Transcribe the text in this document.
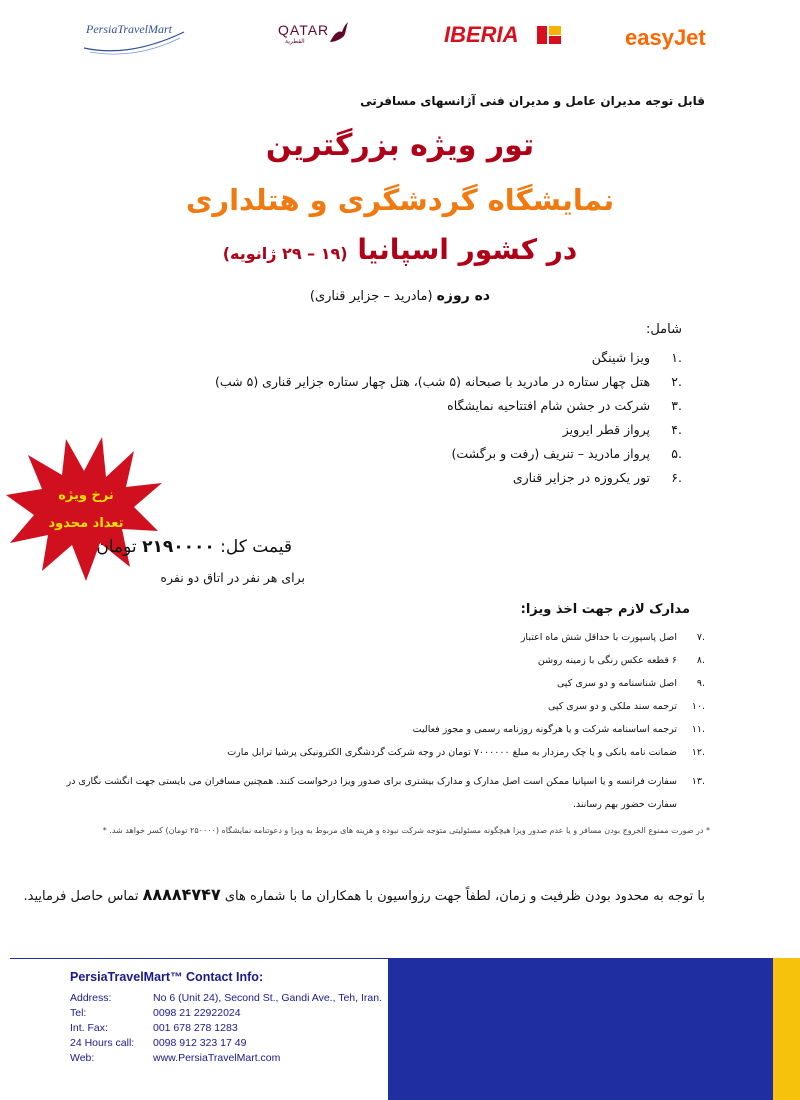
PersiaTravelMart	QATAR
القطرية	IBERIA	easyJet
قابل توجه مدیران عامل و مدیران فنی آژانسهای مسافرتی
تور ویژه بزرگترین
نمایشگاه گردشگری و هتلداری
در کشور اسپانیا (۱۹ – ۲۹ ژانویه)
ده روزه (مادرید – جزایر قناری)
شامل:
.۱

ویزا شینگن
.۲

هتل چهار ستاره در مادرید با صبحانه (۵ شب)، هتل چهار ستاره جزایر قناری (۵ شب)
.۳

شرکت در جشن شام افتتاحیه نمایشگاه
.۴

پرواز قطر ایرویز
.۵

پرواز مادرید – تنریف (رفت و برگشت)
.۶

تور یکروزه در جزایر قناری
نرخ ویژه
تعداد محدود
قیمت کل: ۲۱۹۰۰۰۰ تومان
برای هر نفر در اتاق دو نفره
مدارک لازم جهت اخذ ویزا:
.۷
اصل پاسپورت با حداقل شش ماه اعتبار
.۸
۶ قطعه عکس رنگی با زمینه روشن
.۹
اصل شناسنامه و دو سری کپی
.۱۰
ترجمه سند ملکی و دو سری کپی
.۱۱
ترجمه اساسنامه شرکت و یا هرگونه روزنامه رسمی و مجوز فعالیت
.۱۲
ضمانت نامه بانکی و یا چک رمزدار به مبلغ ۷۰۰۰۰۰۰ تومان در وجه شرکت گردشگری الکترونیکی پرشیا ترابل مارت
.۱۳
سفارت فرانسه و یا اسپانیا ممکن است اصل مدارک و مدارک بیشتری برای صدور ویزا درخواست کنند. همچنین مسافران می بایستی جهت انگشت نگاری در سفارت حضور بهم رسانند.
* در صورت ممنوع الخروج بودن مسافر و یا عدم صدور ویزا هیچگونه مسئولیتی متوجه شرکت نبوده و هزینه های مربوط به ویزا و دعوتنامه نمایشگاه (۲۵۰۰۰۰ تومان) کسر خواهد شد. *
با توجه به محدود بودن ظرفیت و زمان، لطفاً جهت رزواسیون با همکاران ما با شماره های ۸۸۸۸۴۷۴۷ تماس حاصل فرمایید.
PersiaTravelMart™ Contact Info:
Address:	No 6 (Unit 24), Second St., Gandi Ave., Teh, Iran.
Tel:	0098 21 22922024
Int. Fax:	001 678 278 1283
24 Hours call:	0098 912 323 17 49
Web:	www.PersiaTravelMart.com
